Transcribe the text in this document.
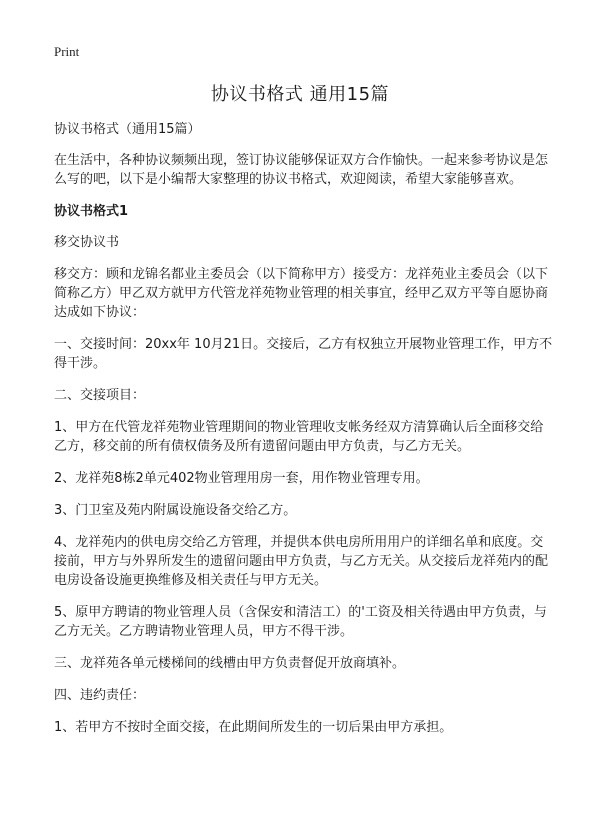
Print
协议书格式 通用15篇

协议书格式（通用15篇）

在生活中，各种协议频频出现，签订协议能够保证双方合作愉快。一起来参考协议是怎么写的吧，以下是小编帮大家整理的协议书格式，欢迎阅读，希望大家能够喜欢。

协议书格式1

移交协议书

移交方：顾和龙锦名都业主委员会（以下简称甲方）接受方：龙祥苑业主委员会（以下简称乙方）甲乙双方就甲方代管龙祥苑物业管理的相关事宜，经甲乙双方平等自愿协商达成如下协议：

一、交接时间：20xx年 10月21日。交接后，乙方有权独立开展物业管理工作，甲方不得干涉。

二、交接项目：

1、甲方在代管龙祥苑物业管理期间的物业管理收支帐务经双方清算确认后全面移交给乙方，移交前的所有债权债务及所有遗留问题由甲方负责，与乙方无关。

2、龙祥苑8栋2单元402物业管理用房一套，用作物业管理专用。

3、门卫室及苑内附属设施设备交给乙方。

4、龙祥苑内的供电房交给乙方管理，并提供本供电房所用用户的详细名单和底度。交接前，甲方与外界所发生的遗留问题由甲方负责，与乙方无关。从交接后龙祥苑内的配电房设备设施更换维修及相关责任与甲方无关。

5、原甲方聘请的物业管理人员（含保安和清洁工）的'工资及相关待遇由甲方负责，与乙方无关。乙方聘请物业管理人员，甲方不得干涉。

三、龙祥苑各单元楼梯间的线槽由甲方负责督促开放商填补。

四、违约责任：

1、若甲方不按时全面交接，在此期间所发生的一切后果由甲方承担。
